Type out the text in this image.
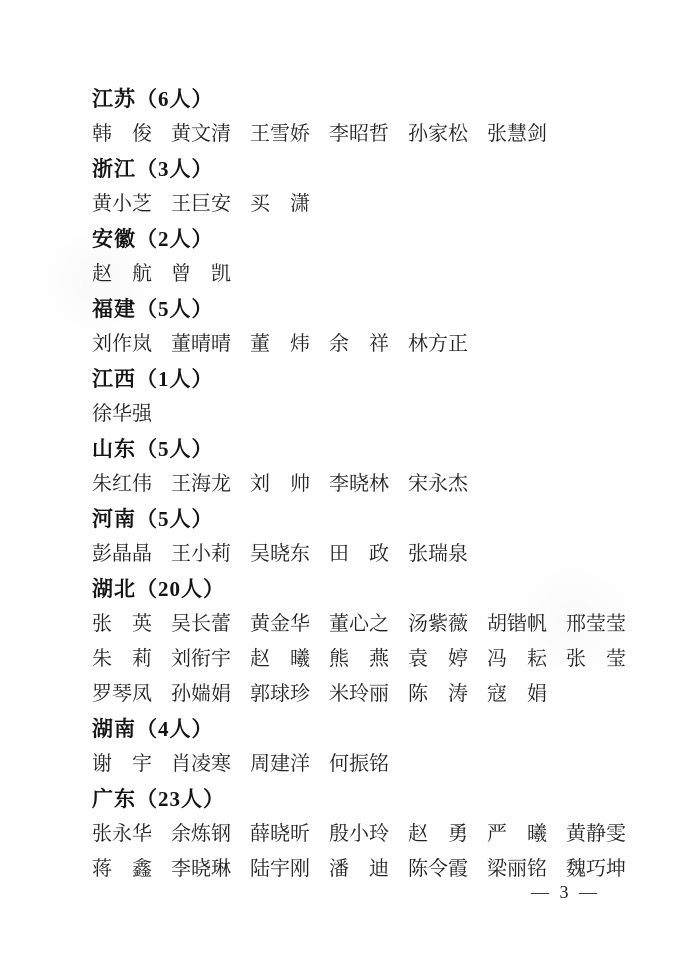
江苏（6人）
韩　俊 黄文清 王雪娇 李昭哲 孙家松 张慧剑
浙江（3人）
黄小芝 王巨安 买　潇
安徽（2人）
赵　航 曾　凯
福建（5人）
刘作岚 董晴晴 董　炜 余　祥 林方正
江西（1人）
徐华强
山东（5人）
朱红伟 王海龙 刘　帅 李晓林 宋永杰
河南（5人）
彭晶晶 王小莉 吴晓东 田　政 张瑞泉
湖北（20人）
张　英 吴长蕾 黄金华 董心之 汤紫薇 胡锴帆 邢莹莹
朱　莉 刘衔宇 赵　曦 熊　燕 袁　婷 冯　耘 张　莹
罗琴凤 孙媏娟 郭球珍 米玲丽 陈　涛 寇　娟
湖南（4人）
谢　宇 肖凌寒 周建洋 何振铭
广东（23人）
张永华 余炼钢 薛晓昕 殷小玲 赵　勇 严　曦 黄静雯
蒋　鑫 李晓琳 陆宇刚 潘　迪 陈令霞 梁丽铭 魏巧坤
— 3 —
